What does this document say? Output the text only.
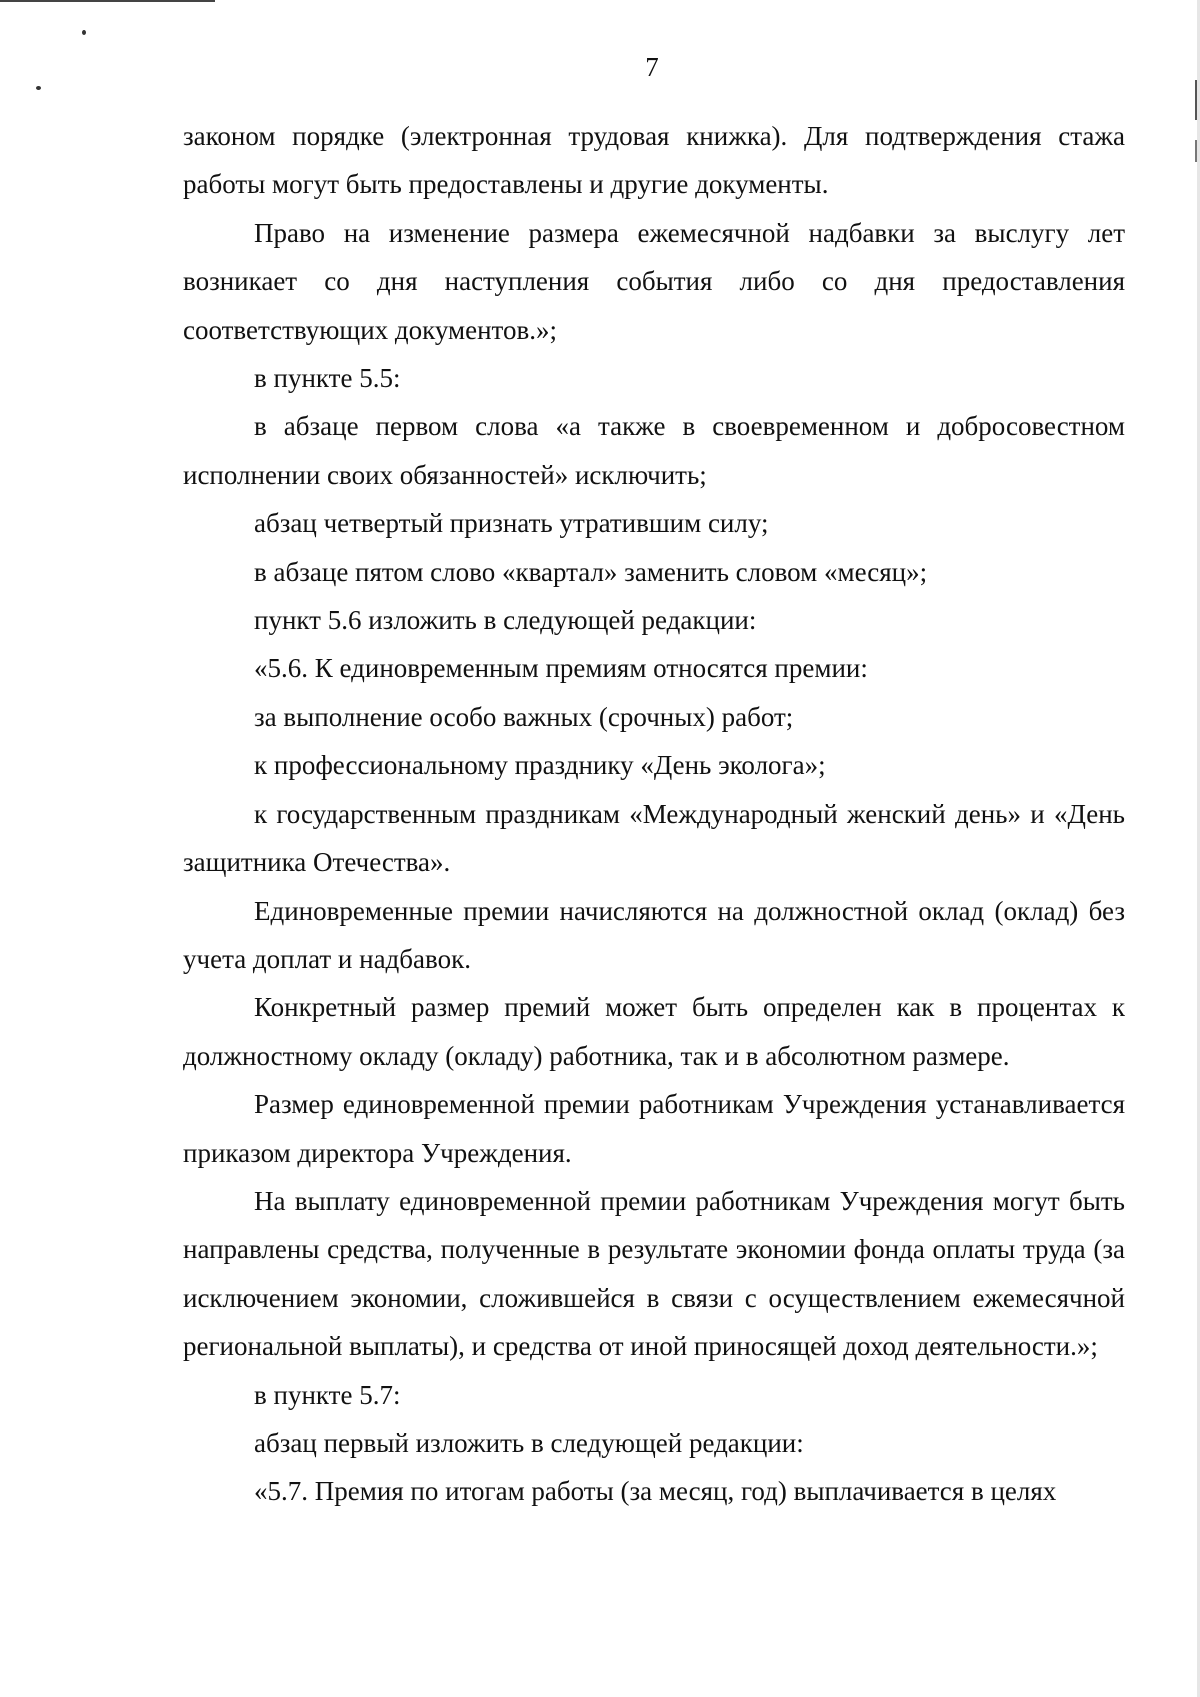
7

законом порядке (электронная трудовая книжка). Для подтверждения стажа работы могут быть предоставлены и другие документы.

Право на изменение размера ежемесячной надбавки за выслугу лет возникает со дня наступления события либо со дня предоставления соответствующих документов.»;

в пункте 5.5:

в абзаце первом слова «а также в своевременном и добросовестном исполнении своих обязанностей» исключить;

абзац четвертый признать утратившим силу;

в абзаце пятом слово «квартал» заменить словом «месяц»;

пункт 5.6 изложить в следующей редакции:

«5.6. К единовременным премиям относятся премии:

за выполнение особо важных (срочных) работ;

к профессиональному празднику «День эколога»;

к государственным праздникам «Международный женский день» и «День защитника Отечества».

Единовременные премии начисляются на должностной оклад (оклад) без учета доплат и надбавок.

Конкретный размер премий может быть определен как в процентах к должностному окладу (окладу) работника, так и в абсолютном размере.

Размер единовременной премии работникам Учреждения устанавливается приказом директора Учреждения.

На выплату единовременной премии работникам Учреждения могут быть направлены средства, полученные в результате экономии фонда оплаты труда (за исключением экономии, сложившейся в связи с осуществлением ежемесячной региональной выплаты), и средства от иной приносящей доход деятельности.»;

в пункте 5.7:

абзац первый изложить в следующей редакции:

«5.7. Премия по итогам работы (за месяц, год) выплачивается в целях
